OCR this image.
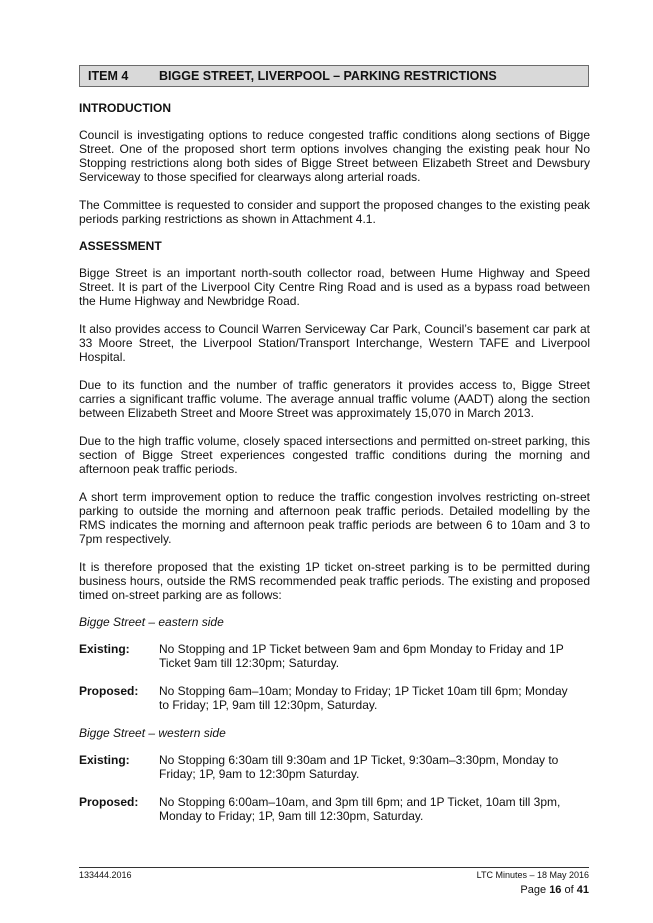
ITEM 4 BIGGE STREET, LIVERPOOL – PARKING RESTRICTIONS

INTRODUCTION

Council is investigating options to reduce congested traffic conditions along sections of Bigge Street. One of the proposed short term options involves changing the existing peak hour No Stopping restrictions along both sides of Bigge Street between Elizabeth Street and Dewsbury Serviceway to those specified for clearways along arterial roads.

The Committee is requested to consider and support the proposed changes to the existing peak periods parking restrictions as shown in Attachment 4.1.

ASSESSMENT

Bigge Street is an important north-south collector road, between Hume Highway and Speed Street. It is part of the Liverpool City Centre Ring Road and is used as a bypass road between the Hume Highway and Newbridge Road.

It also provides access to Council Warren Serviceway Car Park, Council’s basement car park at 33 Moore Street, the Liverpool Station/Transport Interchange, Western TAFE and Liverpool Hospital.

Due to its function and the number of traffic generators it provides access to, Bigge Street carries a significant traffic volume. The average annual traffic volume (AADT) along the section between Elizabeth Street and Moore Street was approximately 15,070 in March 2013.

Due to the high traffic volume, closely spaced intersections and permitted on-street parking, this section of Bigge Street experiences congested traffic conditions during the morning and afternoon peak traffic periods.

A short term improvement option to reduce the traffic congestion involves restricting on-street parking to outside the morning and afternoon peak traffic periods. Detailed modelling by the RMS indicates the morning and afternoon peak traffic periods are between 6 to 10am and 3 to 7pm respectively.

It is therefore proposed that the existing 1P ticket on-street parking is to be permitted during business hours, outside the RMS recommended peak traffic periods. The existing and proposed timed on-street parking are as follows:

Bigge Street – eastern side

Existing: No Stopping and 1P Ticket between 9am and 6pm Monday to Friday and 1P Ticket 9am till 12:30pm; Saturday.
Proposed: No Stopping 6am–10am; Monday to Friday; 1P Ticket 10am till 6pm; Monday to Friday; 1P, 9am till 12:30pm, Saturday.

Bigge Street – western side

Existing: No Stopping 6:30am till 9:30am and 1P Ticket, 9:30am–3:30pm, Monday to Friday; 1P, 9am to 12:30pm Saturday.
Proposed: No Stopping 6:00am–10am, and 3pm till 6pm; and 1P Ticket, 10am till 3pm, Monday to Friday; 1P, 9am till 12:30pm, Saturday.
133444.2016	LTC Minutes – 18 May 2016
Page 16 of 41
